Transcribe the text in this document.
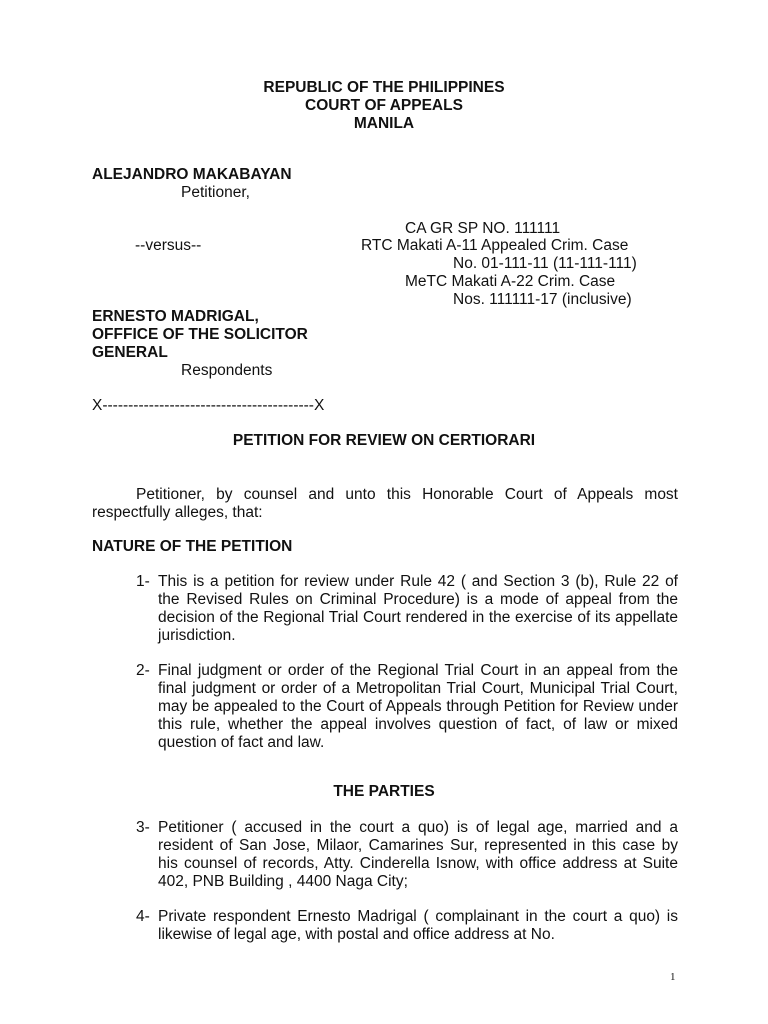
REPUBLIC OF THE PHILIPPINES
COURT OF APPEALS
MANILA
ALEJANDRO MAKABAYAN
Petitioner,
CA GR SP NO. 111111
--versus--	RTC Makati A-11 Appealed Crim. Case
No. 01-111-11 (11-111-111)
MeTC Makati A-22 Crim. Case
Nos. 111111-17 (inclusive)
ERNESTO MADRIGAL,
OFFFICE OF THE SOLICITOR
GENERAL
Respondents
X-----------------------------------------X
PETITION FOR REVIEW ON CERTIORARI
Petitioner, by counsel and unto this Honorable Court of Appeals most respectfully alleges, that:
NATURE OF THE PETITION
1- This is a petition for review under Rule 42 ( and Section 3 (b), Rule 22 of the Revised Rules on Criminal Procedure) is a mode of appeal from the decision of the Regional Trial Court rendered in the exercise of its appellate jurisdiction.
2- Final judgment or order of the Regional Trial Court in an appeal from the final judgment or order of a Metropolitan Trial Court, Municipal Trial Court, may be appealed to the Court of Appeals through Petition for Review under this rule, whether the appeal involves question of fact, of law or mixed question of fact and law.
THE PARTIES
3- Petitioner ( accused in the court a quo) is of legal age, married and a resident of San Jose, Milaor, Camarines Sur, represented in this case by his counsel of records, Atty. Cinderella Isnow, with office address at Suite 402, PNB Building , 4400 Naga City;
4- Private respondent Ernesto Madrigal ( complainant in the court a quo) is likewise of legal age, with postal and office address at No.
1
